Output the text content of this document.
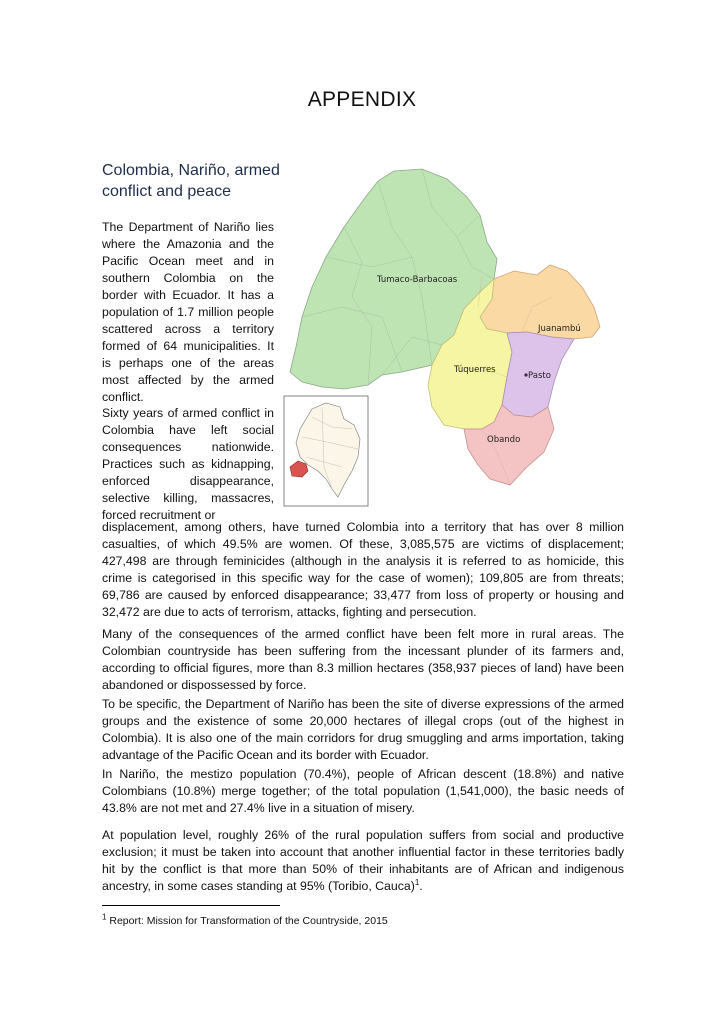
APPENDIX
Colombia, Nariño, armed conflict and peace

The Department of Nariño lies where the Amazonia and the Pacific Ocean meet and in southern Colombia on the border with Ecuador. It has a population of 1.7 million people scattered across a territory formed of 64 municipalities. It is perhaps one of the areas most affected by the armed conflict.

Sixty years of armed conflict in Colombia have left social consequences nationwide. Practices such as kidnapping, enforced disappearance, selective killing, massacres, forced recruitment or

displacement, among others, have turned Colombia into a territory that has over 8 million casualties, of which 49.5% are women. Of these, 3,085,575 are victims of displacement; 427,498 are through feminicides (although in the analysis it is referred to as homicide, this crime is categorised in this specific way for the case of women); 109,805 are from threats; 69,786 are caused by enforced disappearance; 33,477 from loss of property or housing and 32,472 are due to acts of terrorism, attacks, fighting and persecution.

Many of the consequences of the armed conflict have been felt more in rural areas. The Colombian countryside has been suffering from the incessant plunder of its farmers and, according to official figures, more than 8.3 million hectares (358,937 pieces of land) have been abandoned or dispossessed by force.

To be specific, the Department of Nariño has been the site of diverse expressions of the armed groups and the existence of some 20,000 hectares of illegal crops (out of the highest in Colombia). It is also one of the main corridors for drug smuggling and arms importation, taking advantage of the Pacific Ocean and its border with Ecuador.

In Nariño, the mestizo population (70.4%), people of African descent (18.8%) and native Colombians (10.8%) merge together; of the total population (1,541,000), the basic needs of 43.8% are not met and 27.4% live in a situation of misery.

At population level, roughly 26% of the rural population suffers from social and productive exclusion; it must be taken into account that another influential factor in these territories badly hit by the conflict is that more than 50% of their inhabitants are of African and indigenous ancestry, in some cases standing at 95% (Toribio, Cauca)$^1$.

Tumaco-Barbacoas
Juanambú
Túquerres
Pasto
Obando
$^1$ Report: Mission for Transformation of the Countryside, 2015
